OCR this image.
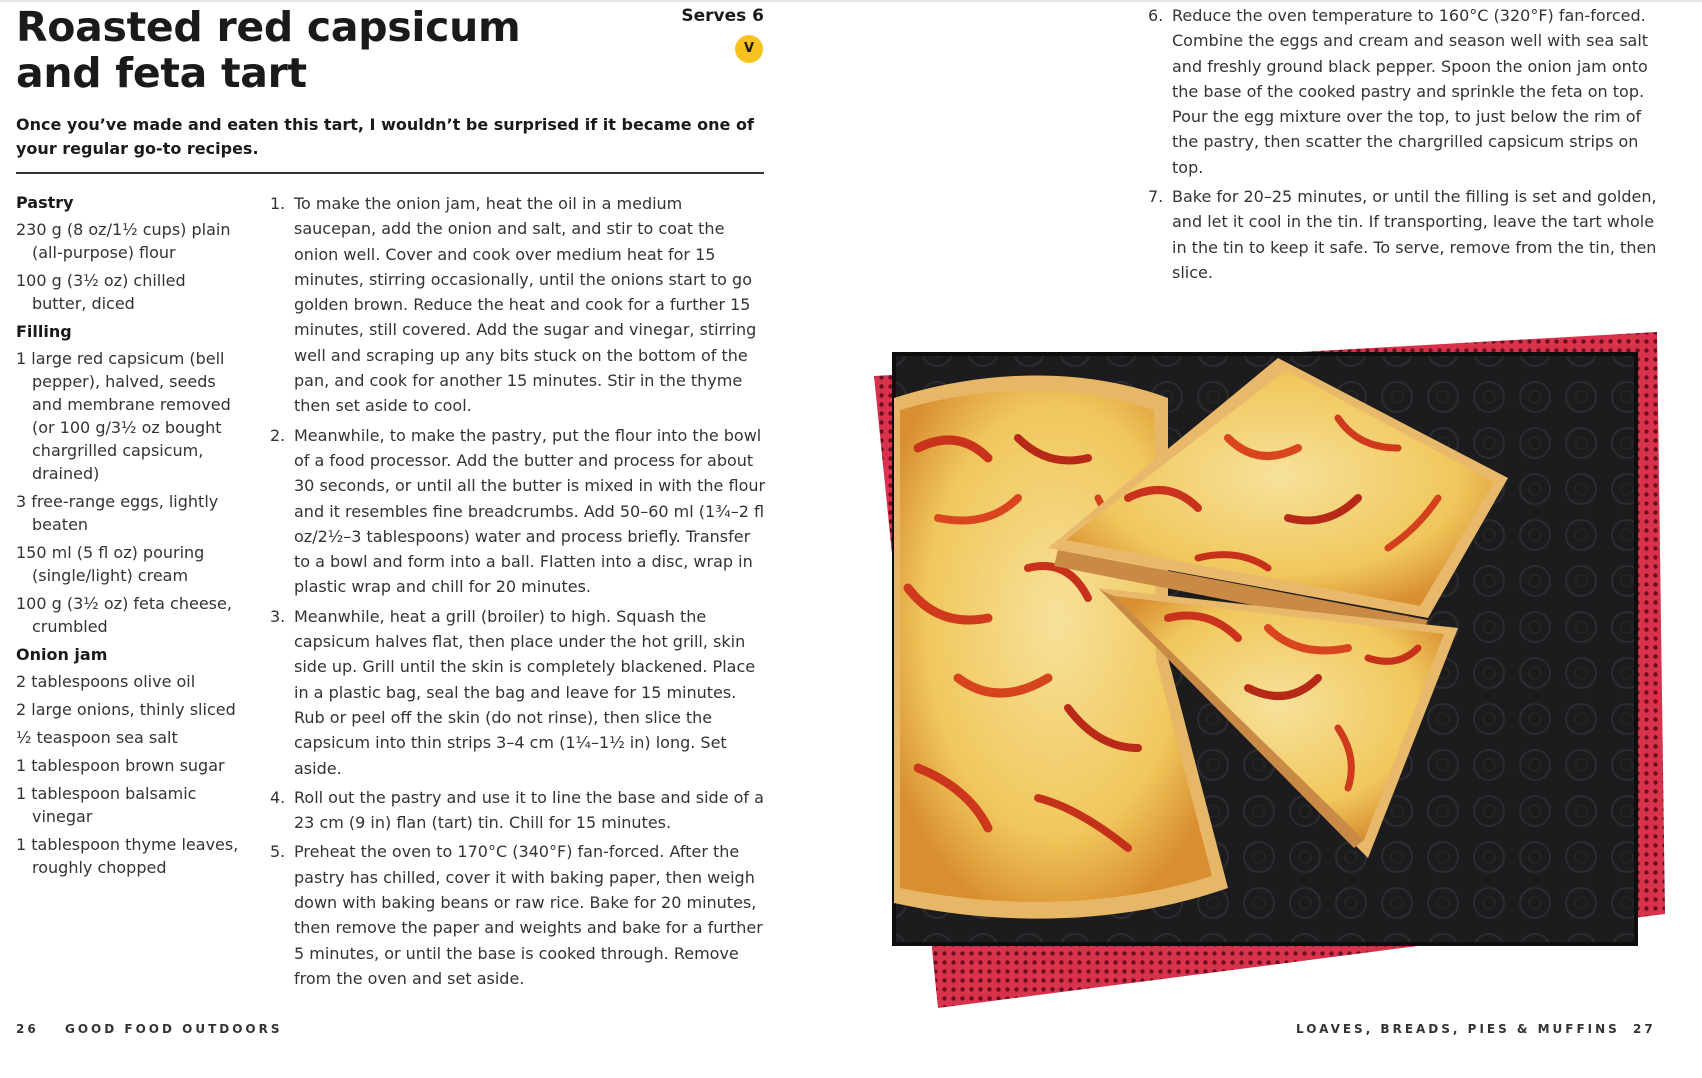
Roasted red capsicum
and feta tart
Serves 6
V
Once you’ve made and eaten this tart, I wouldn’t be surprised if it became one of your regular go-to recipes.
Pastry
230 g (8 oz/1½ cups) plain (all-purpose) flour
100 g (3½ oz) chilled butter, diced
Filling
1 large red capsicum (bell pepper), halved, seeds and membrane removed (or 100 g/3½ oz bought chargrilled capsicum, drained)
3 free-range eggs, lightly beaten
150 ml (5 fl oz) pouring (single/light) cream
100 g (3½ oz) feta cheese, crumbled
Onion jam
2 tablespoons olive oil
2 large onions, thinly sliced
½ teaspoon sea salt
1 tablespoon brown sugar
1 tablespoon balsamic vinegar
1 tablespoon thyme leaves, roughly chopped
1. To make the onion jam, heat the oil in a medium saucepan, add the onion and salt, and stir to coat the onion well. Cover and cook over medium heat for 15 minutes, stirring occasionally, until the onions start to go golden brown. Reduce the heat and cook for a further 15 minutes, still covered. Add the sugar and vinegar, stirring well and scraping up any bits stuck on the bottom of the pan, and cook for another 15 minutes. Stir in the thyme then set aside to cool.
2. Meanwhile, to make the pastry, put the flour into the bowl of a food processor. Add the butter and process for about 30 seconds, or until all the butter is mixed in with the flour and it resembles fine breadcrumbs. Add 50–60 ml (1¾–2 fl oz/2½–3 tablespoons) water and process briefly. Transfer to a bowl and form into a ball. Flatten into a disc, wrap in plastic wrap and chill for 20 minutes.
3. Meanwhile, heat a grill (broiler) to high. Squash the capsicum halves flat, then place under the hot grill, skin side up. Grill until the skin is completely blackened. Place in a plastic bag, seal the bag and leave for 15 minutes. Rub or peel off the skin (do not rinse), then slice the capsicum into thin strips 3–4 cm (1¼–1½ in) long. Set aside.
4. Roll out the pastry and use it to line the base and side of a 23 cm (9 in) flan (tart) tin. Chill for 15 minutes.
5. Preheat the oven to 170°C (340°F) fan-forced. After the pastry has chilled, cover it with baking paper, then weigh down with baking beans or raw rice. Bake for 20 minutes, then remove the paper and weights and bake for a further 5 minutes, or until the base is cooked through. Remove from the oven and set aside.
6. Reduce the oven temperature to 160°C (320°F) fan-forced. Combine the eggs and cream and season well with sea salt and freshly ground black pepper. Spoon the onion jam onto the base of the cooked pastry and sprinkle the feta on top. Pour the egg mixture over the top, to just below the rim of the pastry, then scatter the chargrilled capsicum strips on top.
7. Bake for 20–25 minutes, or until the filling is set and golden, and let it cool in the tin. If transporting, leave the tart whole in the tin to keep it safe. To serve, remove from the tin, then slice.
26 GOOD FOOD OUTDOORS	LOAVES, BREADS, PIES & MUFFINS 27
